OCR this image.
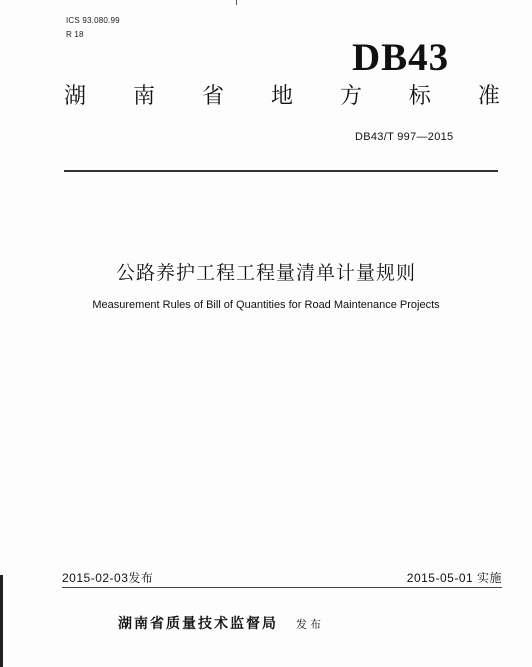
ICS 93.080.99
R 18
DB43
湖 南 省 地 方 标 准
DB43/T 997—2015
公路养护工程工程量清单计量规则
Measurement Rules of Bill of Quantities for Road Maintenance Projects
2015-02-03发布	2015-05-01 实施
湖南省质量技术监督局 发布
